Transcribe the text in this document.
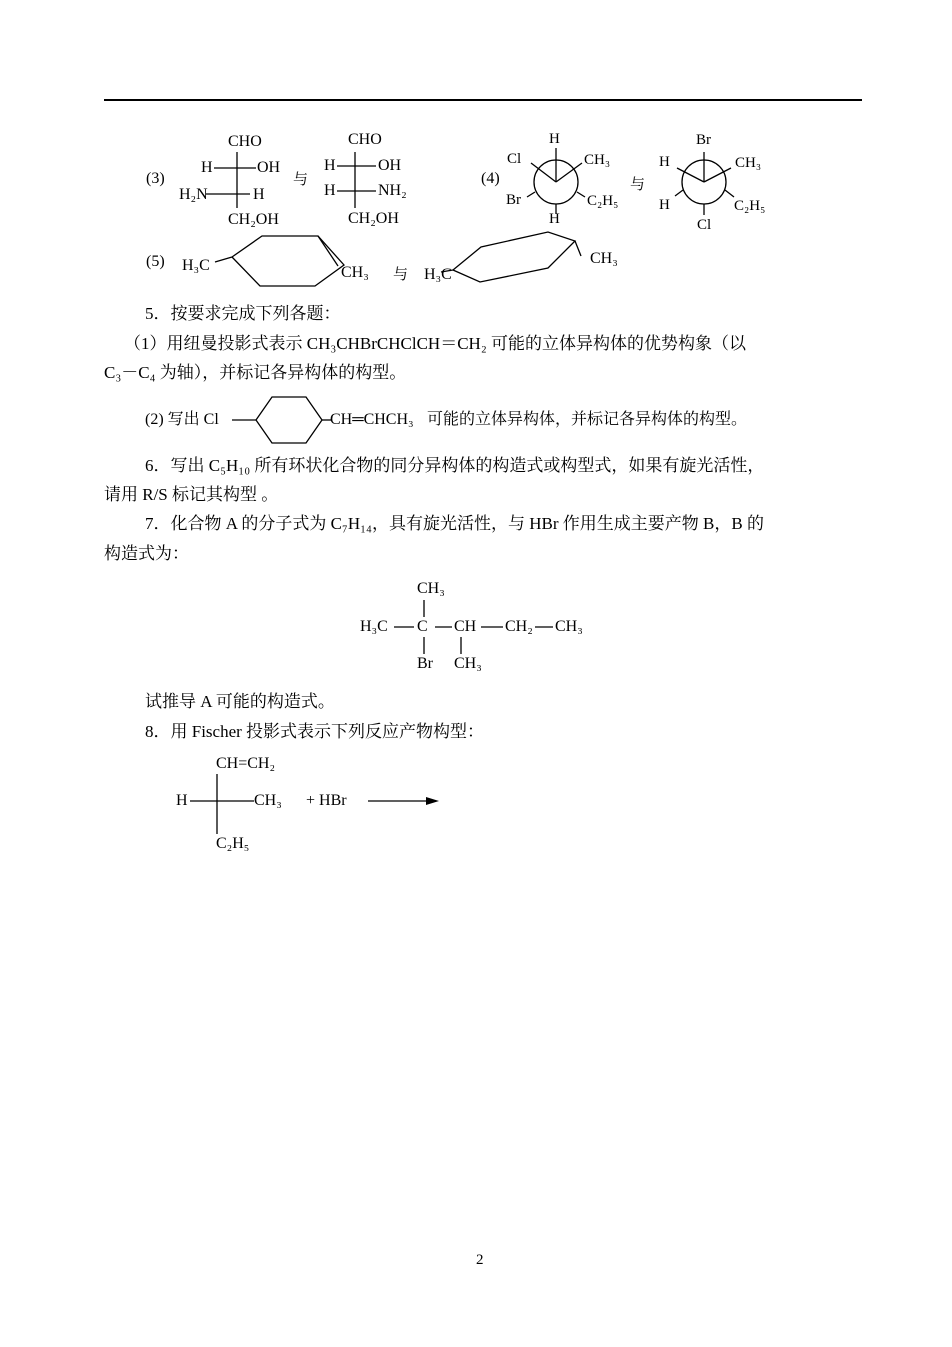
(3)
CHO
H	OH
H₂N	H
CH₂OH
与
CHO
H	OH
H	NH₂
CH₂OH
(4)
H
Cl	CH₃
Br	C₂H₅
H
与
Br
H	CH₃
H	C₂H₅
Cl
(5) H₃C	CH₃ 与 H₃C
CH₃
5．按要求完成下列各题：
（1）用纽曼投影式表示 CH₃CHBrCHClCH＝CH₂ 可能的立体异构体的优势构象（以
C₃－C₄ 为轴），并标记各异构体的构型。
(2) 写出 Cl	CH═CHCH₃ 可能的立体异构体，并标记各异构体的构型。
6．写出 C₅H₁₀ 所有环状化合物的同分异构体的构造式或构型式，如果有旋光活性，
请用 R/S 标记其构型 。
7．化合物 A 的分子式为 C₇H₁₄，具有旋光活性，与 HBr 作用生成主要产物 B，B 的
构造式为：
CH₃
H₃C C CH CH₂ CH₃
Br CH₃
试推导 A 可能的构造式。
8．用 Fischer 投影式表示下列反应产物构型：
CH=CH₂
H	CH₃
C₂H₅
+ HBr
2
